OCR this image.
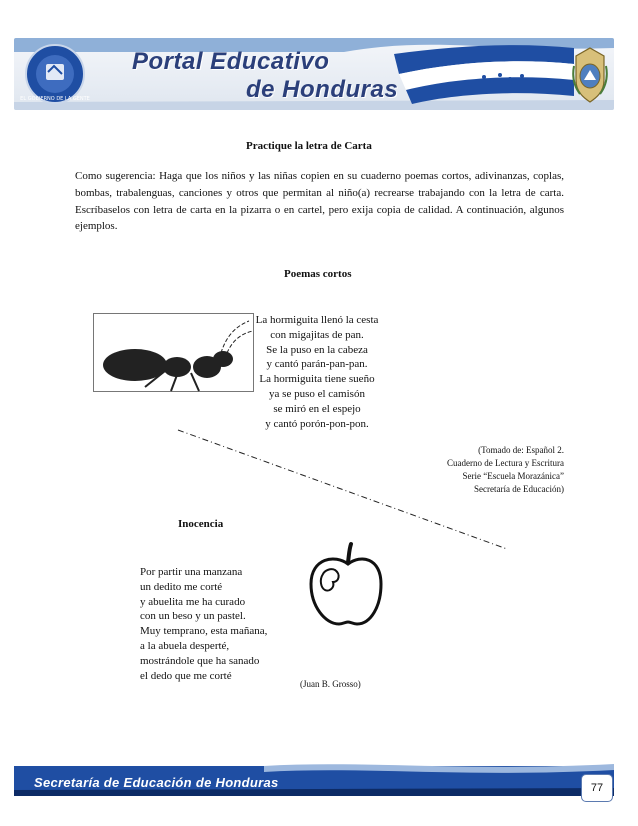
EL GOBIERNO DE LA GENTE
Portal Educativo
de Honduras
Practique la letra de Carta
Como sugerencia: Haga que los niños y las niñas copien en su cuaderno poemas cortos, adivinanzas, coplas, bombas, trabalenguas, canciones y otros que permitan al niño(a) recrearse trabajando con la letra de carta. Escríbaselos con letra de carta en la pizarra o en cartel, pero exija copia de calidad. A continuación, algunos ejemplos.
Poemas cortos
La hormiguita llenó la cesta
con migajitas de pan.
Se la puso en la cabeza
y cantó parán-pan-pan.
La hormiguita tiene sueño
ya se puso el camisón
se miró en el espejo
y cantó porón-pon-pon.
(Tomado de: Español 2.
Cuaderno de Lectura y Escritura
Serie “Escuela Morazánica”
Secretaría de Educación)
Inocencia
Por partir una manzana
un dedito me corté
y abuelita me ha curado
con un beso y un pastel.
Muy temprano, esta mañana,
a la abuela desperté,
mostrándole que ha sanado
el dedo que me corté
(Juan B. Grosso)
Secretaría de Educación de Honduras	77
